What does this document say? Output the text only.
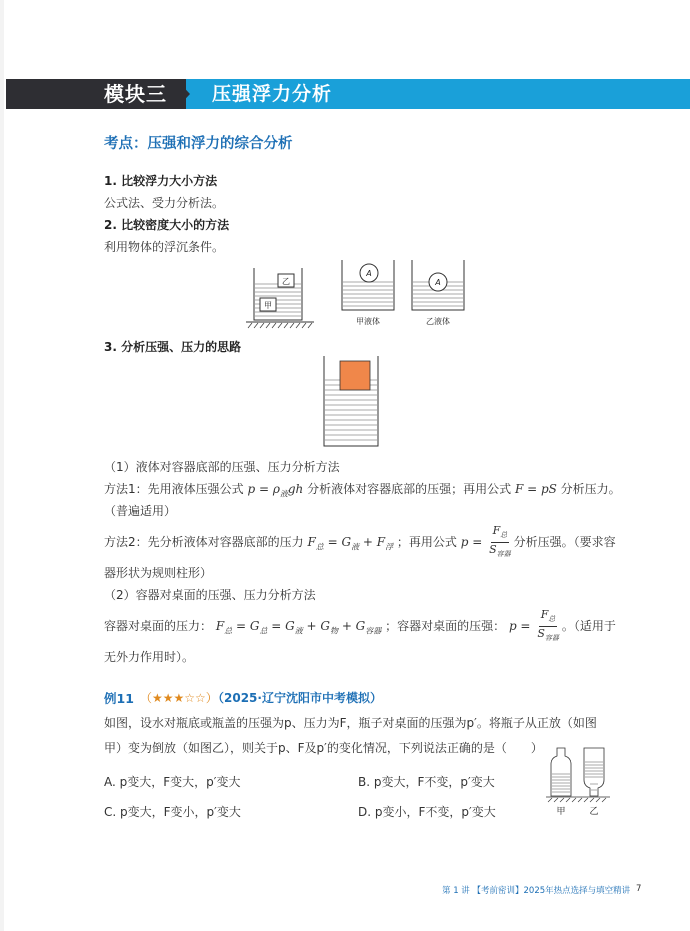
模块三 压强浮力分析
考点：压强和浮力的综合分析
1. 比较浮力大小方法
公式法、受力分析法。
2. 比较密度大小的方法
利用物体的浮沉条件。
乙
甲
A
A
甲液体	乙液体
3. 分析压强、压力的思路
（1）液体对容器底部的压强、压力分析方法
方法1：先用液体压强公式 $p = \rho_液gh$ 分析液体对容器底部的压强；再用公式 F = pS 分析压力。
（普遍适用）
方法2：先分析液体对容器底部的压力 $F_总 = G_液 + F_浮$ ；再用公式 $p = \frac{F_总}{S_{容器}}$ 分析压强。（要求容
器形状为规则柱形）
（2）容器对桌面的压强、压力分析方法
容器对桌面的压力： $F_总 = G_总 = G_液 + G_物 + G_{容器}$ ；容器对桌面的压强： $p = \frac{F_总}{S_{容器}}$ 。（适用于
无外力作用时）。
例11 （★★★☆☆）
（2025·辽宁沈阳市中考模拟）
如图，设水对瓶底或瓶盖的压强为p、压力为F，瓶子对桌面的压强为p′。将瓶子从正放（如图
甲）变为倒放（如图乙），则关于p、F及p′的变化情况，下列说法正确的是（　　）
A. p变大，F变大，p′变大	B. p变大，F不变，p′变大
C. p变大，F变小，p′变大	D. p变小，F不变，p′变大	甲	乙
第 1 讲 【考前密训】2025年热点选择与填空精讲 7
